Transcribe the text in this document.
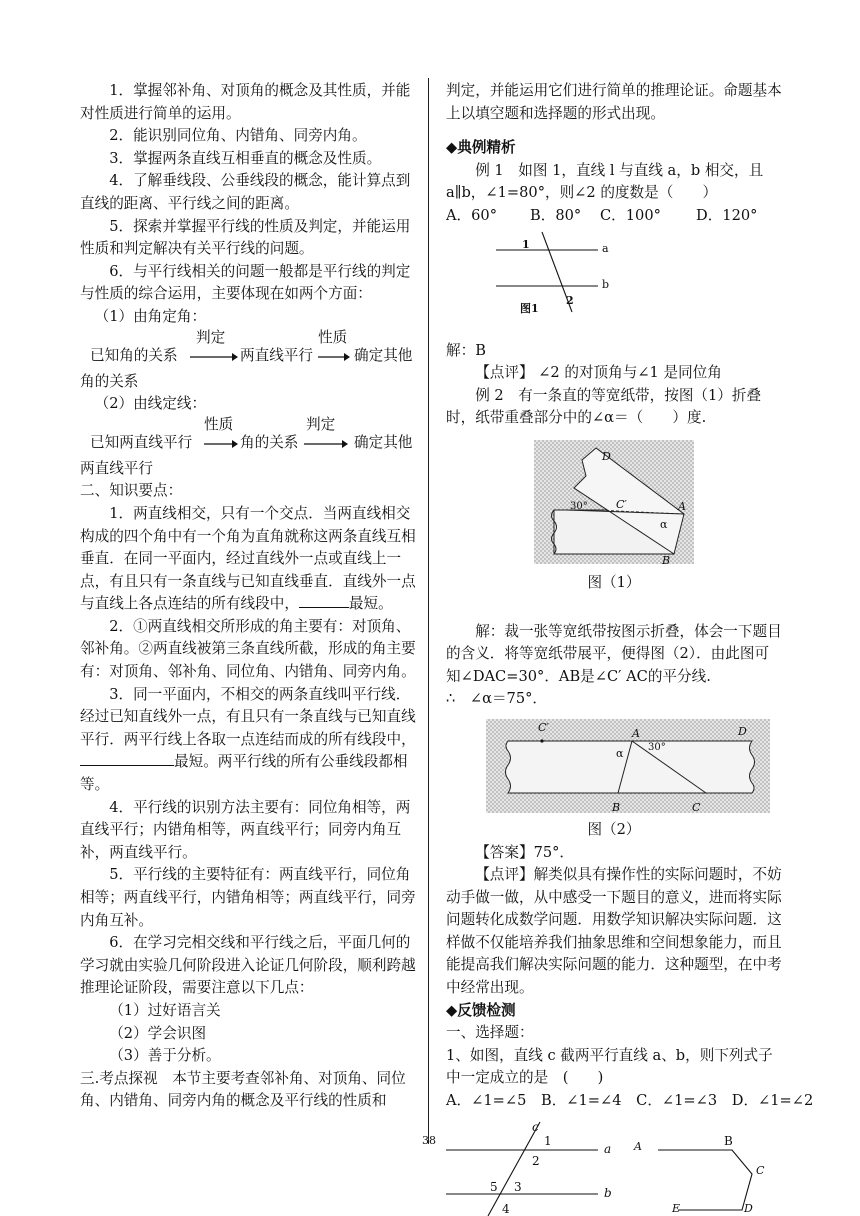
1．掌握邻补角、对顶角的概念及其性质，并能对性质进行简单的运用。

2．能识别同位角、内错角、同旁内角。

3．掌握两条直线互相垂直的概念及性质。

4．了解垂线段、公垂线段的概念，能计算点到直线的距离、平行线之间的距离。

5．探索并掌握平行线的性质及判定，并能运用性质和判定解决有关平行线的问题。

6．与平行线相关的问题一般都是平行线的判定与性质的综合运用，主要体现在如两个方面：

（1）由角定角：

已知角的关系
判定
两直线平行
性质
确定其他

角的关系

（2）由线定线：

已知两直线平行
性质
角的关系
判定
确定其他

两直线平行

二、知识要点：

1．两直线相交，只有一个交点．当两直线相交构成的四个角中有一个角为直角就称这两条直线互相垂直．在同一平面内，经过直线外一点或直线上一点，有且只有一条直线与已知直线垂直．直线外一点与直线上各点连结的所有线段中，	最短。

2．①两直线相交所形成的角主要有：对顶角、邻补角。②两直线被第三条直线所截，形成的角主要有：对顶角、邻补角、同位角、内错角、同旁内角。

3．同一平面内，不相交的两条直线叫平行线．经过已知直线外一点，有且只有一条直线与已知直线平行．两平行线上各取一点连结而成的所有线段中，最短。两平行线的所有公垂线段都相等。

4．平行线的识别方法主要有：同位角相等，两直线平行；内错角相等，两直线平行；同旁内角互补，两直线平行。

5．平行线的主要特征有：两直线平行，同位角相等；两直线平行，内错角相等；两直线平行，同旁内角互补。

6．在学习完相交线和平行线之后，平面几何的学习就由实验几何阶段进入论证几何阶段，顺利跨越推理论证阶段，需要注意以下几点：

（1）过好语言关

（2）学会识图

（3）善于分析。

三.考点探视　本节主要考查邻补角、对顶角、同位角、内错角、同旁内角的概念及平行线的性质和

判定，并能运用它们进行简单的推理论证。命题基本上以填空题和选择题的形式出现。

◆典例精析

例 1　如图 1，直线 l 与直线 a，b 相交，且 a∥b，∠1=80°，则∠2 的度数是（　　）

A．60°	B．80°	C．100°	D．120°
1
2
a
b
图1

解：B

【点评】 ∠2 的对顶角与∠1 是同位角

例 2　有一条直的等宽纸带，按图（1）折叠时，纸带重叠部分中的∠α＝（　　）度.

D
C′	A
B
30°
α

图（1）

解：裁一张等宽纸带按图示折叠，体会一下题目的含义．将等宽纸带展平，便得图（2）．由此图可知∠DAC=30°．AB是∠C′ AC的平分线.

∴　∠α＝75°．

C′	A	D
B	C
30°
α

图（2）

【答案】75°．

【点评】解类似具有操作性的实际问题时，不妨动手做一做，从中感受一下题目的意义，进而将实际问题转化成数学问题．用数学知识解决实际问题．这样做不仅能培养我们抽象思维和空间想象能力，而且能提高我们解决实际问题的能力．这种题型，在中考中经常出现。

◆反馈检测

一、选择题：

1、如图，直线 c 截两平行直线 a、b，则下列式子中一定成立的是　(　　)

A．∠1=∠5　B．∠1=∠4　C．∠1=∠3　D．∠1=∠2

38
c
a
b
1
2
3
4
5
A	B
C
D
E
